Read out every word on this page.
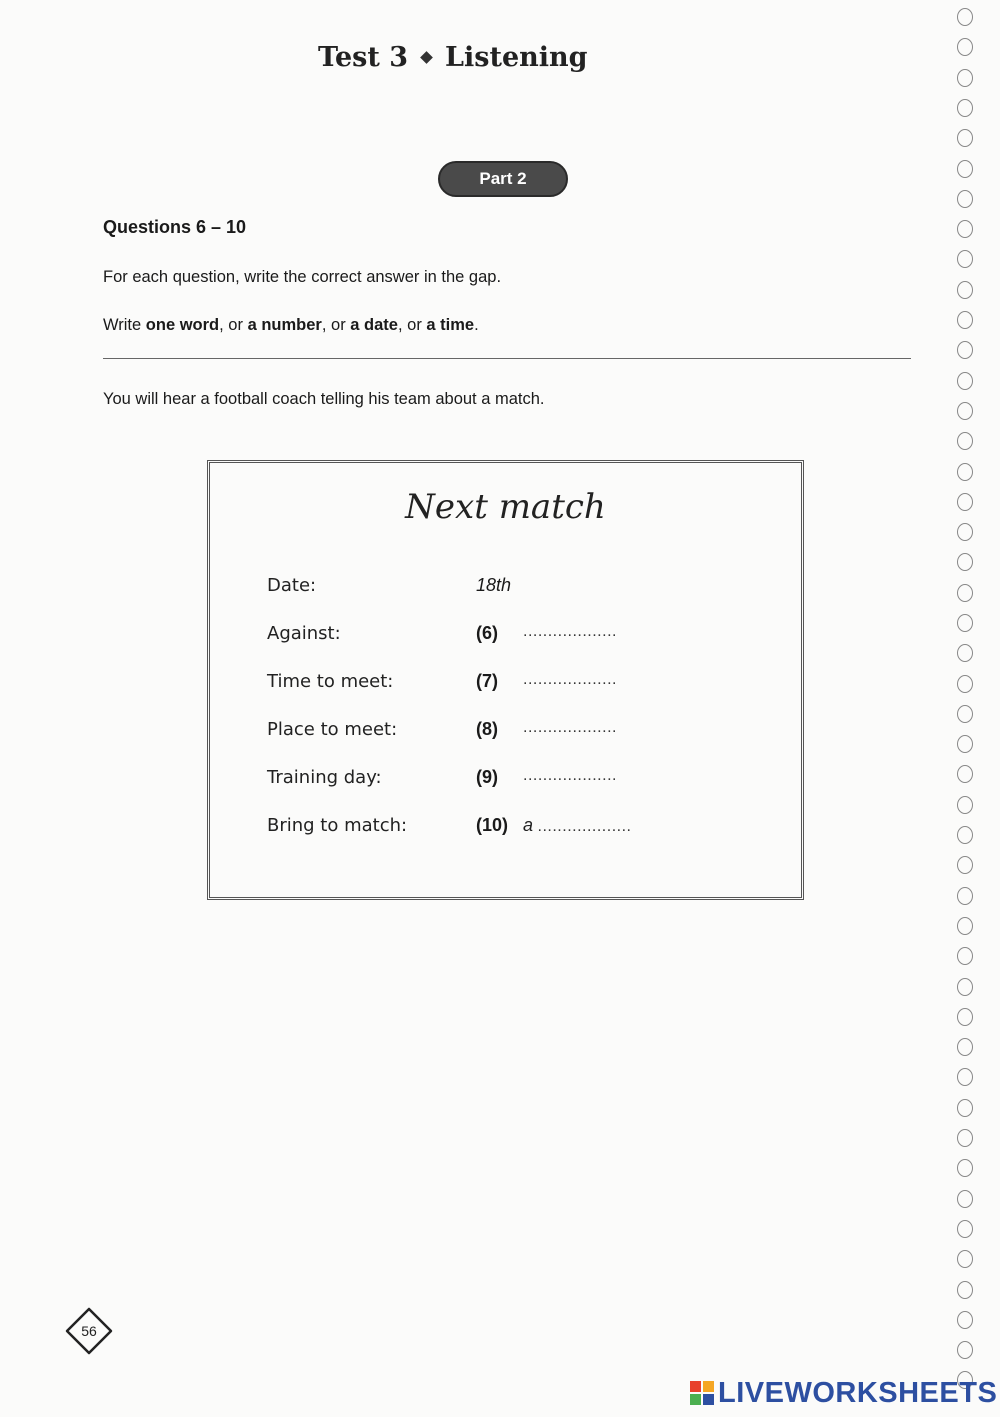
Test 3 Listening
Part 2
Questions 6 – 10
For each question, write the correct answer in the gap.
Write one word, or a number, or a date, or a time.
You will hear a football coach telling his team about a match.
Next match
Date:	18th
Against:	(6) ...................
Time to meet:	(7) ...................
Place to meet:	(8) ...................
Training day:	(9) ...................
Bring to match:	(10) a ...................
56
LIVEWORKSHEETS
